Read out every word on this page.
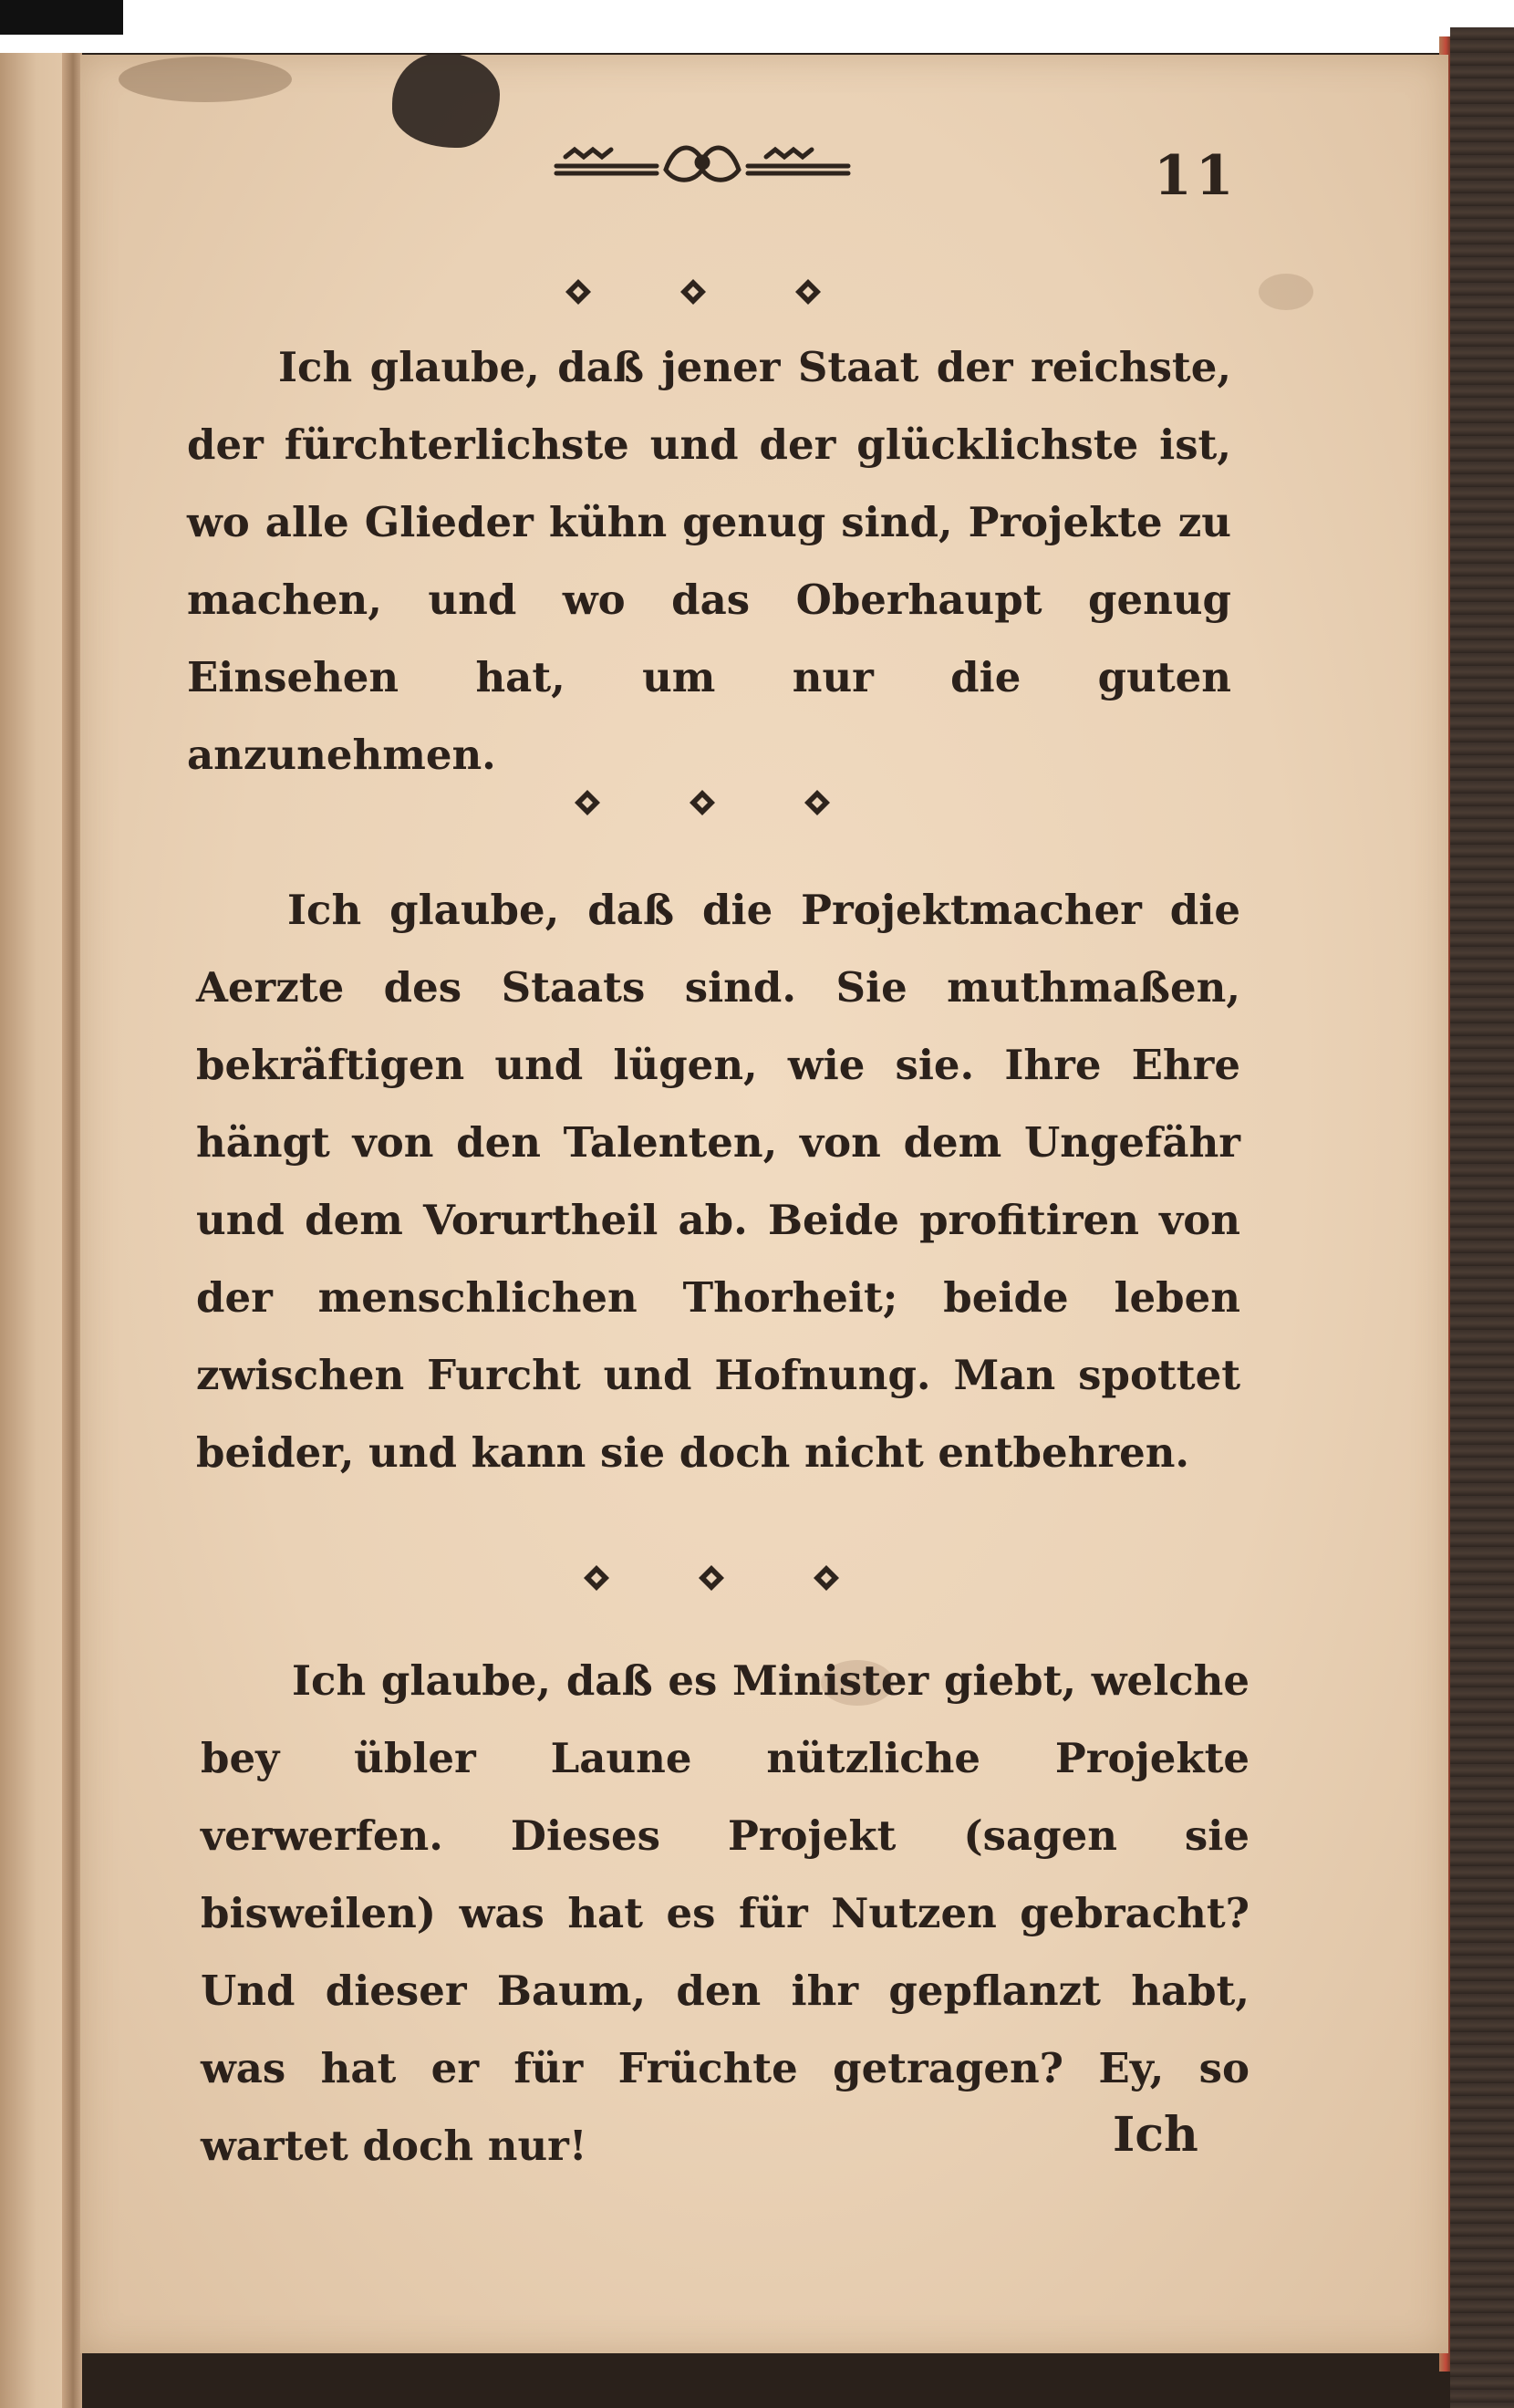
11

Ich glaube, daß jener Staat der reichste, der fürchterlichste und der glücklichste ist, wo alle Glieder kühn genug sind, Projekte zu machen, und wo das Oberhaupt genug Einsehen hat, um nur die guten anzunehmen.

Ich glaube, daß die Projektmacher die Aerzte des Staats sind. Sie muthmaßen, bekräftigen und lügen, wie sie. Ihre Ehre hängt von den Talenten, von dem Ungefähr und dem Vorurtheil ab. Beide profitiren von der menschlichen Thorheit; beide leben zwischen Furcht und Hofnung. Man spottet beider, und kann sie doch nicht entbehren.

Ich glaube, daß es Minister giebt, welche bey übler Laune nützliche Projekte verwerfen. Dieses Projekt (sagen sie bisweilen) was hat es für Nutzen gebracht? Und dieser Baum, den ihr gepflanzt habt, was hat er für Früchte getragen? Ey, so wartet doch nur!	Ich
